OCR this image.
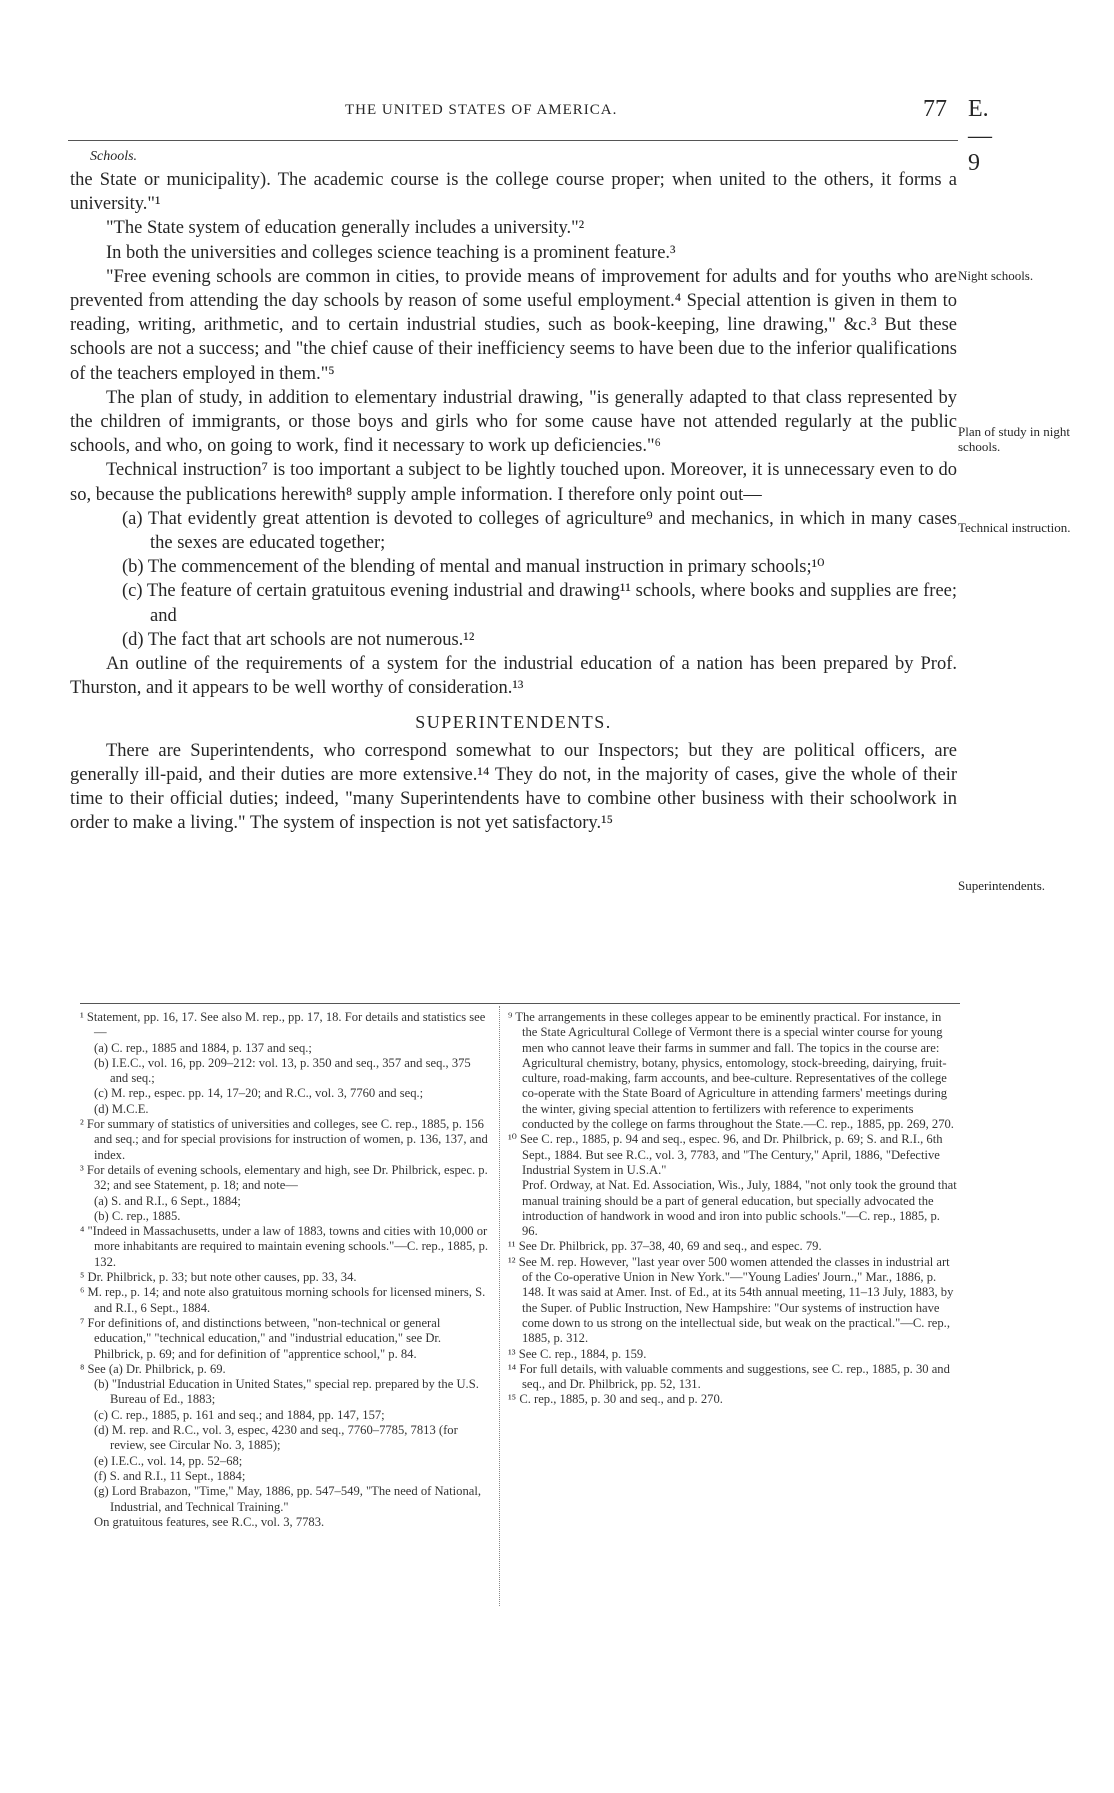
THE UNITED STATES OF AMERICA.	77 E.—9
Schools.

the State or municipality). The academic course is the college course proper; when united to the others, it forms a university."¹

"The State system of education generally includes a university."²

In both the universities and colleges science teaching is a prominent feature.³

"Free evening schools are common in cities, to provide means of improvement for adults and for youths who are prevented from attending the day schools by reason of some useful employment.⁴ Special attention is given in them to reading, writing, arithmetic, and to certain industrial studies, such as book-keeping, line drawing," &c.³ But these schools are not a success; and "the chief cause of their inefficiency seems to have been due to the inferior qualifications of the teachers employed in them."⁵

The plan of study, in addition to elementary industrial drawing, "is generally adapted to that class represented by the children of immigrants, or those boys and girls who for some cause have not attended regularly at the public schools, and who, on going to work, find it necessary to work up deficiencies."⁶

Technical instruction⁷ is too important a subject to be lightly touched upon. Moreover, it is unnecessary even to do so, because the publications herewith⁸ supply ample information. I therefore only point out—

(a) That evidently great attention is devoted to colleges of agriculture⁹ and mechanics, in which in many cases the sexes are educated together;

(b) The commencement of the blending of mental and manual instruction in primary schools;¹⁰

(c) The feature of certain gratuitous evening industrial and drawing¹¹ schools, where books and supplies are free; and

(d) The fact that art schools are not numerous.¹²

An outline of the requirements of a system for the industrial education of a nation has been prepared by Prof. Thurston, and it appears to be well worthy of consideration.¹³

SUPERINTENDENTS.

There are Superintendents, who correspond somewhat to our Inspectors; but they are political officers, are generally ill-paid, and their duties are more extensive.¹⁴ They do not, in the majority of cases, give the whole of their time to their official duties; indeed, "many Superintendents have to combine other business with their schoolwork in order to make a living." The system of inspection is not yet satisfactory.¹⁵

Night schools.
Plan of study in night schools.
Technical instruction.
Superintendents.

¹ Statement, pp. 16, 17. See also M. rep., pp. 17, 18. For details and statistics see—

(a) C. rep., 1885 and 1884, p. 137 and seq.;

(b) I.E.C., vol. 16, pp. 209–212: vol. 13, p. 350 and seq., 357 and seq., 375 and seq.;

(c) M. rep., espec. pp. 14, 17–20; and R.C., vol. 3, 7760 and seq.;

(d) M.C.E.

² For summary of statistics of universities and colleges, see C. rep., 1885, p. 156 and seq.; and for special provisions for instruction of women, p. 136, 137, and index.

³ For details of evening schools, elementary and high, see Dr. Philbrick, espec. p. 32; and see Statement, p. 18; and note—

(a) S. and R.I., 6 Sept., 1884;

(b) C. rep., 1885.

⁴ "Indeed in Massachusetts, under a law of 1883, towns and cities with 10,000 or more inhabitants are required to maintain evening schools."—C. rep., 1885, p. 132.

⁵ Dr. Philbrick, p. 33; but note other causes, pp. 33, 34.

⁶ M. rep., p. 14; and note also gratuitous morning schools for licensed miners, S. and R.I., 6 Sept., 1884.

⁷ For definitions of, and distinctions between, "non-technical or general education," "technical education," and "industrial education," see Dr. Philbrick, p. 69; and for definition of "apprentice school," p. 84.

⁸ See (a) Dr. Philbrick, p. 69.

(b) "Industrial Education in United States," special rep. prepared by the U.S. Bureau of Ed., 1883;

(c) C. rep., 1885, p. 161 and seq.; and 1884, pp. 147, 157;

(d) M. rep. and R.C., vol. 3, espec, 4230 and seq., 7760–7785, 7813 (for review, see Circular No. 3, 1885);

(e) I.E.C., vol. 14, pp. 52–68;

(f) S. and R.I., 11 Sept., 1884;

(g) Lord Brabazon, "Time," May, 1886, pp. 547–549, "The need of National, Industrial, and Technical Training."

On gratuitous features, see R.C., vol. 3, 7783.

⁹ The arrangements in these colleges appear to be eminently practical. For instance, in the State Agricultural College of Vermont there is a special winter course for young men who cannot leave their farms in summer and fall. The topics in the course are: Agricultural chemistry, botany, physics, entomology, stock-breeding, dairying, fruit-culture, road-making, farm accounts, and bee-culture. Representatives of the college co-operate with the State Board of Agriculture in attending farmers' meetings during the winter, giving special attention to fertilizers with reference to experiments conducted by the college on farms throughout the State.—C. rep., 1885, pp. 269, 270.

¹⁰ See C. rep., 1885, p. 94 and seq., espec. 96, and Dr. Philbrick, p. 69; S. and R.I., 6th Sept., 1884. But see R.C., vol. 3, 7783, and "The Century," April, 1886, "Defective Industrial System in U.S.A."

Prof. Ordway, at Nat. Ed. Association, Wis., July, 1884, "not only took the ground that manual training should be a part of general education, but specially advocated the introduction of handwork in wood and iron into public schools."—C. rep., 1885, p. 96.

¹¹ See Dr. Philbrick, pp. 37–38, 40, 69 and seq., and espec. 79.

¹² See M. rep. However, "last year over 500 women attended the classes in industrial art of the Co-operative Union in New York."—"Young Ladies' Journ.," Mar., 1886, p. 148. It was said at Amer. Inst. of Ed., at its 54th annual meeting, 11–13 July, 1883, by the Super. of Public Instruction, New Hampshire: "Our systems of instruction have come down to us strong on the intellectual side, but weak on the practical."—C. rep., 1885, p. 312.

¹³ See C. rep., 1884, p. 159.

¹⁴ For full details, with valuable comments and suggestions, see C. rep., 1885, p. 30 and seq., and Dr. Philbrick, pp. 52, 131.

¹⁵ C. rep., 1885, p. 30 and seq., and p. 270.
